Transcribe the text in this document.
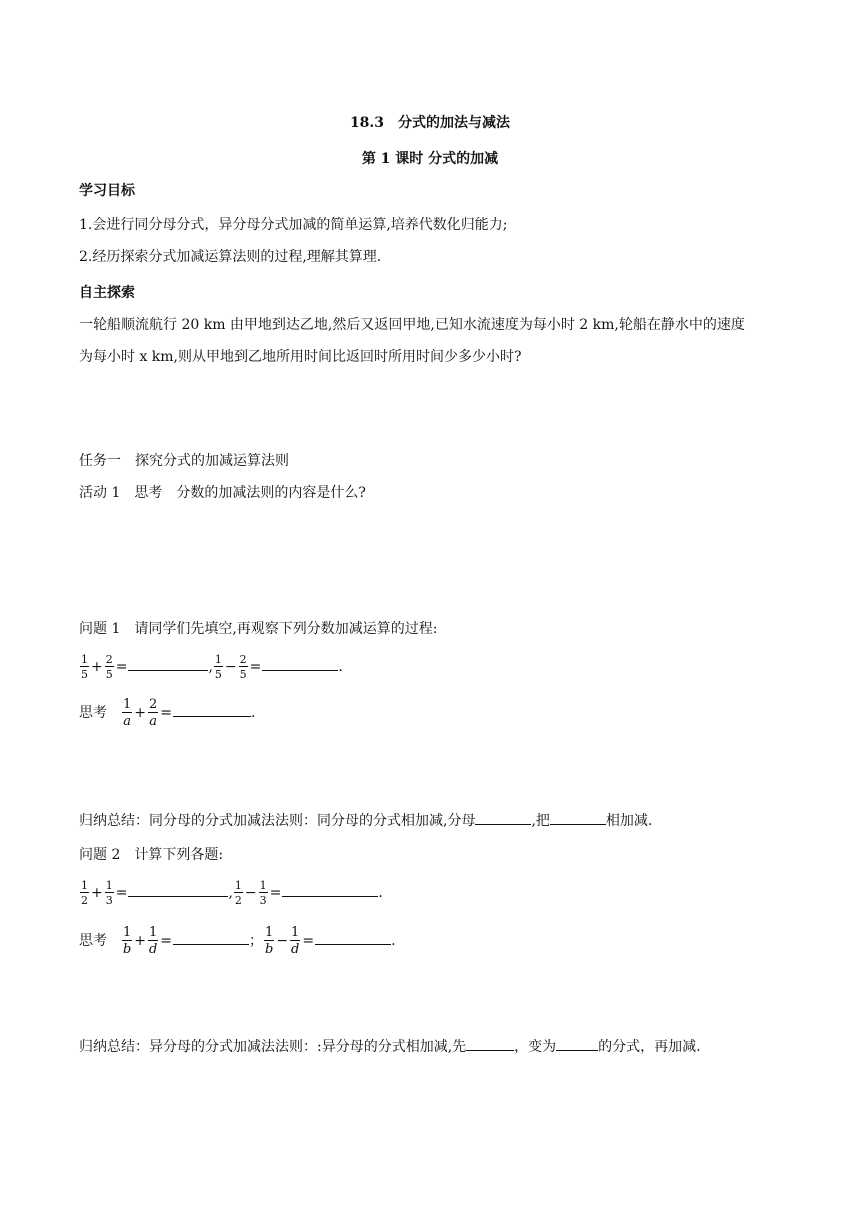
18.3　分式的加法与减法
第 1 课时 分式的加减
学习目标
1.会进行同分母分式，异分母分式加减的简单运算,培养代数化归能力;
2.经历探索分式加减运算法则的过程,理解其算理.
自主探索
一轮船顺流航行 20 km 由甲地到达乙地,然后又返回甲地,已知水流速度为每小时 2 km,轮船在静水中的速度
为每小时 x km,则从甲地到乙地所用时间比返回时所用时间少多少小时?
任务一　探究分式的加减运算法则
活动 1　思考　分数的加减法则的内容是什么?
问题 1　请同学们先填空,再观察下列分数加减运算的过程:
$\frac{1}{5} + \frac{2}{5}$ =	, $\frac{1}{5} - \frac{2}{5}$ =	.
思考 $\frac{1}{a} + \frac{2}{a}$ =	.
归纳总结：同分母的分式加减法法则：同分母的分式相加减,分母	,把	相加减.
问题 2　计算下列各题:
$\frac{1}{2} + \frac{1}{3}$ =	, $\frac{1}{2} - \frac{1}{3}$ =	.
思考 $\frac{1}{b} + \frac{1}{d}$ =	； $\frac{1}{b} - \frac{1}{d}$ =	.
归纳总结：异分母的分式加减法法则：:异分母的分式相加减,先	，变为	的分式，再加减.
